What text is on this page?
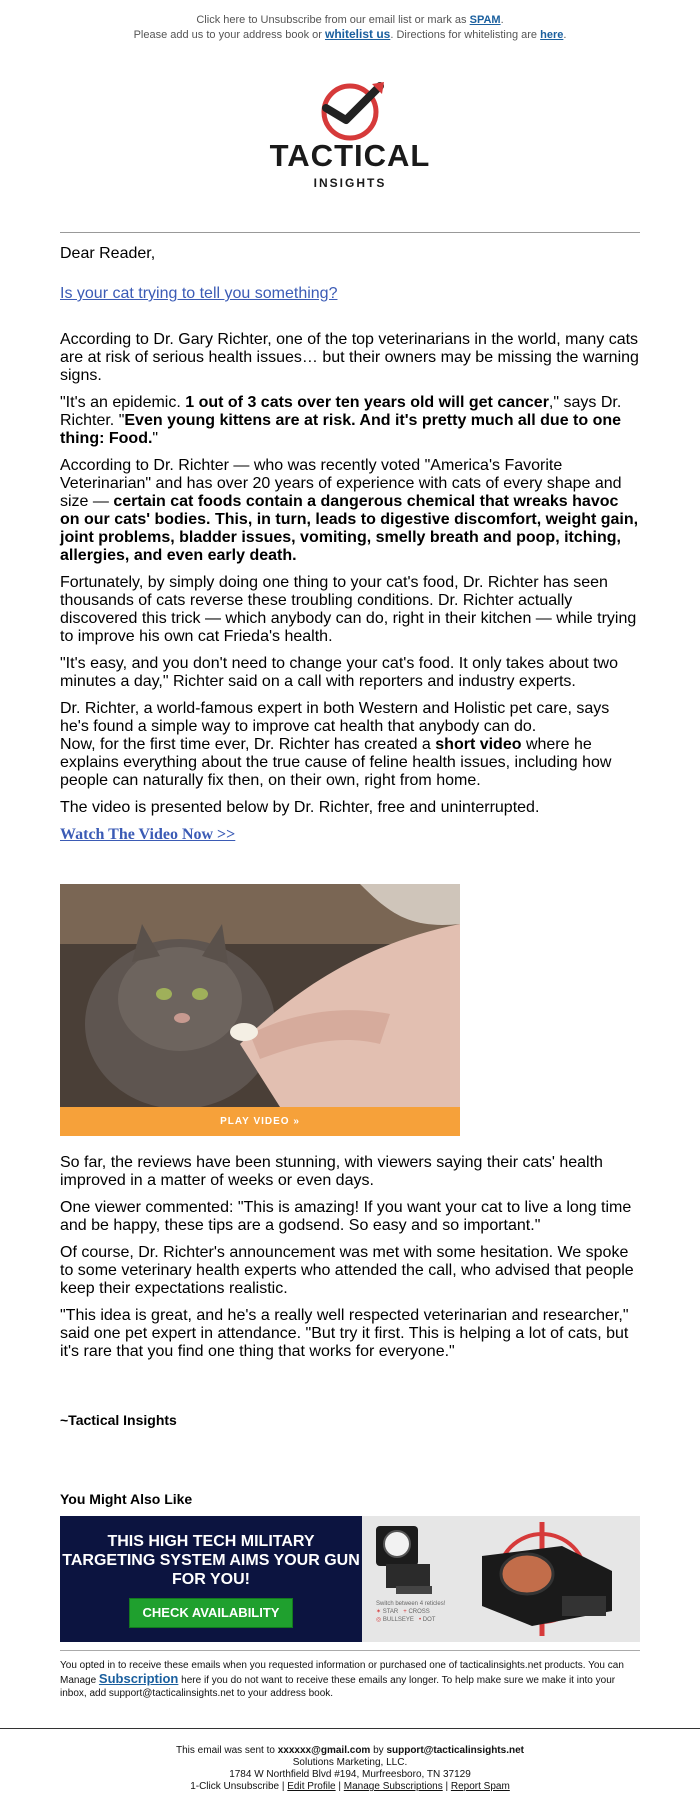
Click here to Unsubscribe from our email list or mark as SPAM.
Please add us to your address book or whitelist us. Directions for whitelisting are here.
TACTICAL
INSIGHTS

Dear Reader,

Is your cat trying to tell you something?

According to Dr. Gary Richter, one of the top veterinarians in the world, many cats are at risk of serious health issues… but their owners may be missing the warning signs.

"It's an epidemic. 1 out of 3 cats over ten years old will get cancer," says Dr. Richter. "Even young kittens are at risk. And it's pretty much all due to one thing: Food."

According to Dr. Richter — who was recently voted "America's Favorite Veterinarian" and has over 20 years of experience with cats of every shape and size — certain cat foods contain a dangerous chemical that wreaks havoc on our cats' bodies. This, in turn, leads to digestive discomfort, weight gain, joint problems, bladder issues, vomiting, smelly breath and poop, itching, allergies, and even early death.

Fortunately, by simply doing one thing to your cat's food, Dr. Richter has seen thousands of cats reverse these troubling conditions. Dr. Richter actually discovered this trick — which anybody can do, right in their kitchen — while trying to improve his own cat Frieda's health.

"It's easy, and you don't need to change your cat's food. It only takes about two minutes a day," Richter said on a call with reporters and industry experts.

Dr. Richter, a world-famous expert in both Western and Holistic pet care, says he's found a simple way to improve cat health that anybody can do.

Now, for the first time ever, Dr. Richter has created a short video where he explains everything about the true cause of feline health issues, including how people can naturally fix then, on their own, right from home.

The video is presented below by Dr. Richter, free and uninterrupted.

Watch The Video Now >>

PLAY VIDEO »

So far, the reviews have been stunning, with viewers saying their cats' health improved in a matter of weeks or even days.

One viewer commented: "This is amazing! If you want your cat to live a long time and be happy, these tips are a godsend. So easy and so important."

Of course, Dr. Richter's announcement was met with some hesitation. We spoke to some veterinary health experts who attended the call, who advised that people keep their expectations realistic.

"This idea is great, and he's a really well respected veterinarian and researcher," said one pet expert in attendance. "But try it first. This is helping a lot of cats, but it's rare that you find one thing that works for everyone."

~Tactical Insights

You Might Also Like

THIS HIGH TECH MILITARY TARGETING SYSTEM AIMS YOUR GUN FOR YOU!
CHECK AVAILABILITY
Switch between 4 reticles!
✶ STAR + CROSS
◎ BULLSEYE • DOT
You opted in to receive these emails when you requested information or purchased one of tacticalinsights.net products. You can Manage Subscription here if you do not want to receive these emails any longer. To help make sure we make it into your inbox, add support@tacticalinsights.net to your address book.
This email was sent to xxxxxx@gmail.com by support@tacticalinsights.net
Solutions Marketing, LLC.
1784 W Northfield Blvd #194, Murfreesboro, TN 37129
1-Click Unsubscribe | Edit Profile | Manage Subscriptions | Report Spam
